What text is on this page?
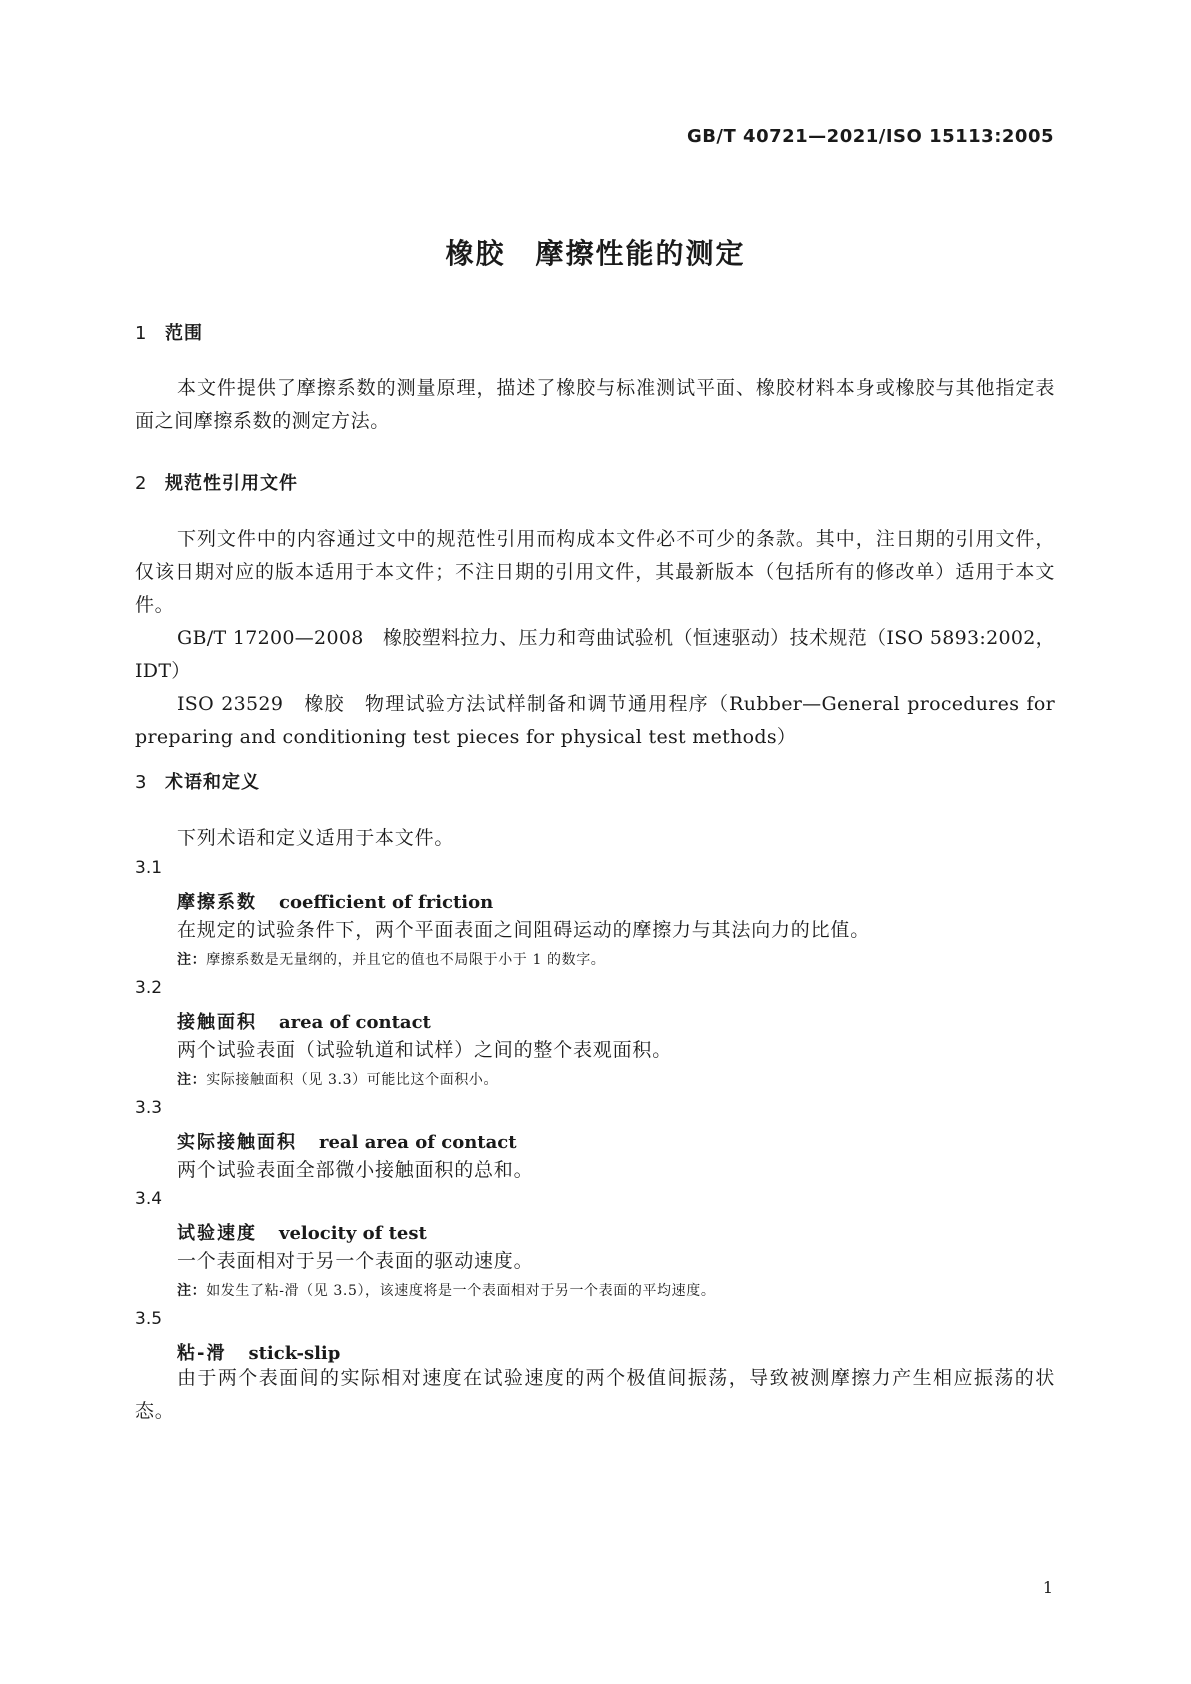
GB/T 40721—2021/ISO 15113:2005
橡胶　摩擦性能的测定
1 范围
本文件提供了摩擦系数的测量原理，描述了橡胶与标准测试平面、橡胶材料本身或橡胶与其他指定表面之间摩擦系数的测定方法。
2 规范性引用文件
下列文件中的内容通过文中的规范性引用而构成本文件必不可少的条款。其中，注日期的引用文件，仅该日期对应的版本适用于本文件；不注日期的引用文件，其最新版本（包括所有的修改单）适用于本文件。
GB/T 17200—2008　橡胶塑料拉力、压力和弯曲试验机（恒速驱动）技术规范（ISO 5893:2002，IDT）
ISO 23529　橡胶　物理试验方法试样制备和调节通用程序（Rubber—General procedures for preparing and conditioning test pieces for physical test methods）
3 术语和定义
下列术语和定义适用于本文件。
3.1
摩擦系数 coefficient of friction
在规定的试验条件下，两个平面表面之间阻碍运动的摩擦力与其法向力的比值。
注：摩擦系数是无量纲的，并且它的值也不局限于小于 1 的数字。
3.2
接触面积 area of contact
两个试验表面（试验轨道和试样）之间的整个表观面积。
注：实际接触面积（见 3.3）可能比这个面积小。
3.3
实际接触面积 real area of contact
两个试验表面全部微小接触面积的总和。
3.4
试验速度 velocity of test
一个表面相对于另一个表面的驱动速度。
注：如发生了粘-滑（见 3.5），该速度将是一个表面相对于另一个表面的平均速度。
3.5
粘-滑 stick-slip
由于两个表面间的实际相对速度在试验速度的两个极值间振荡，导致被测摩擦力产生相应振荡的状态。
1
